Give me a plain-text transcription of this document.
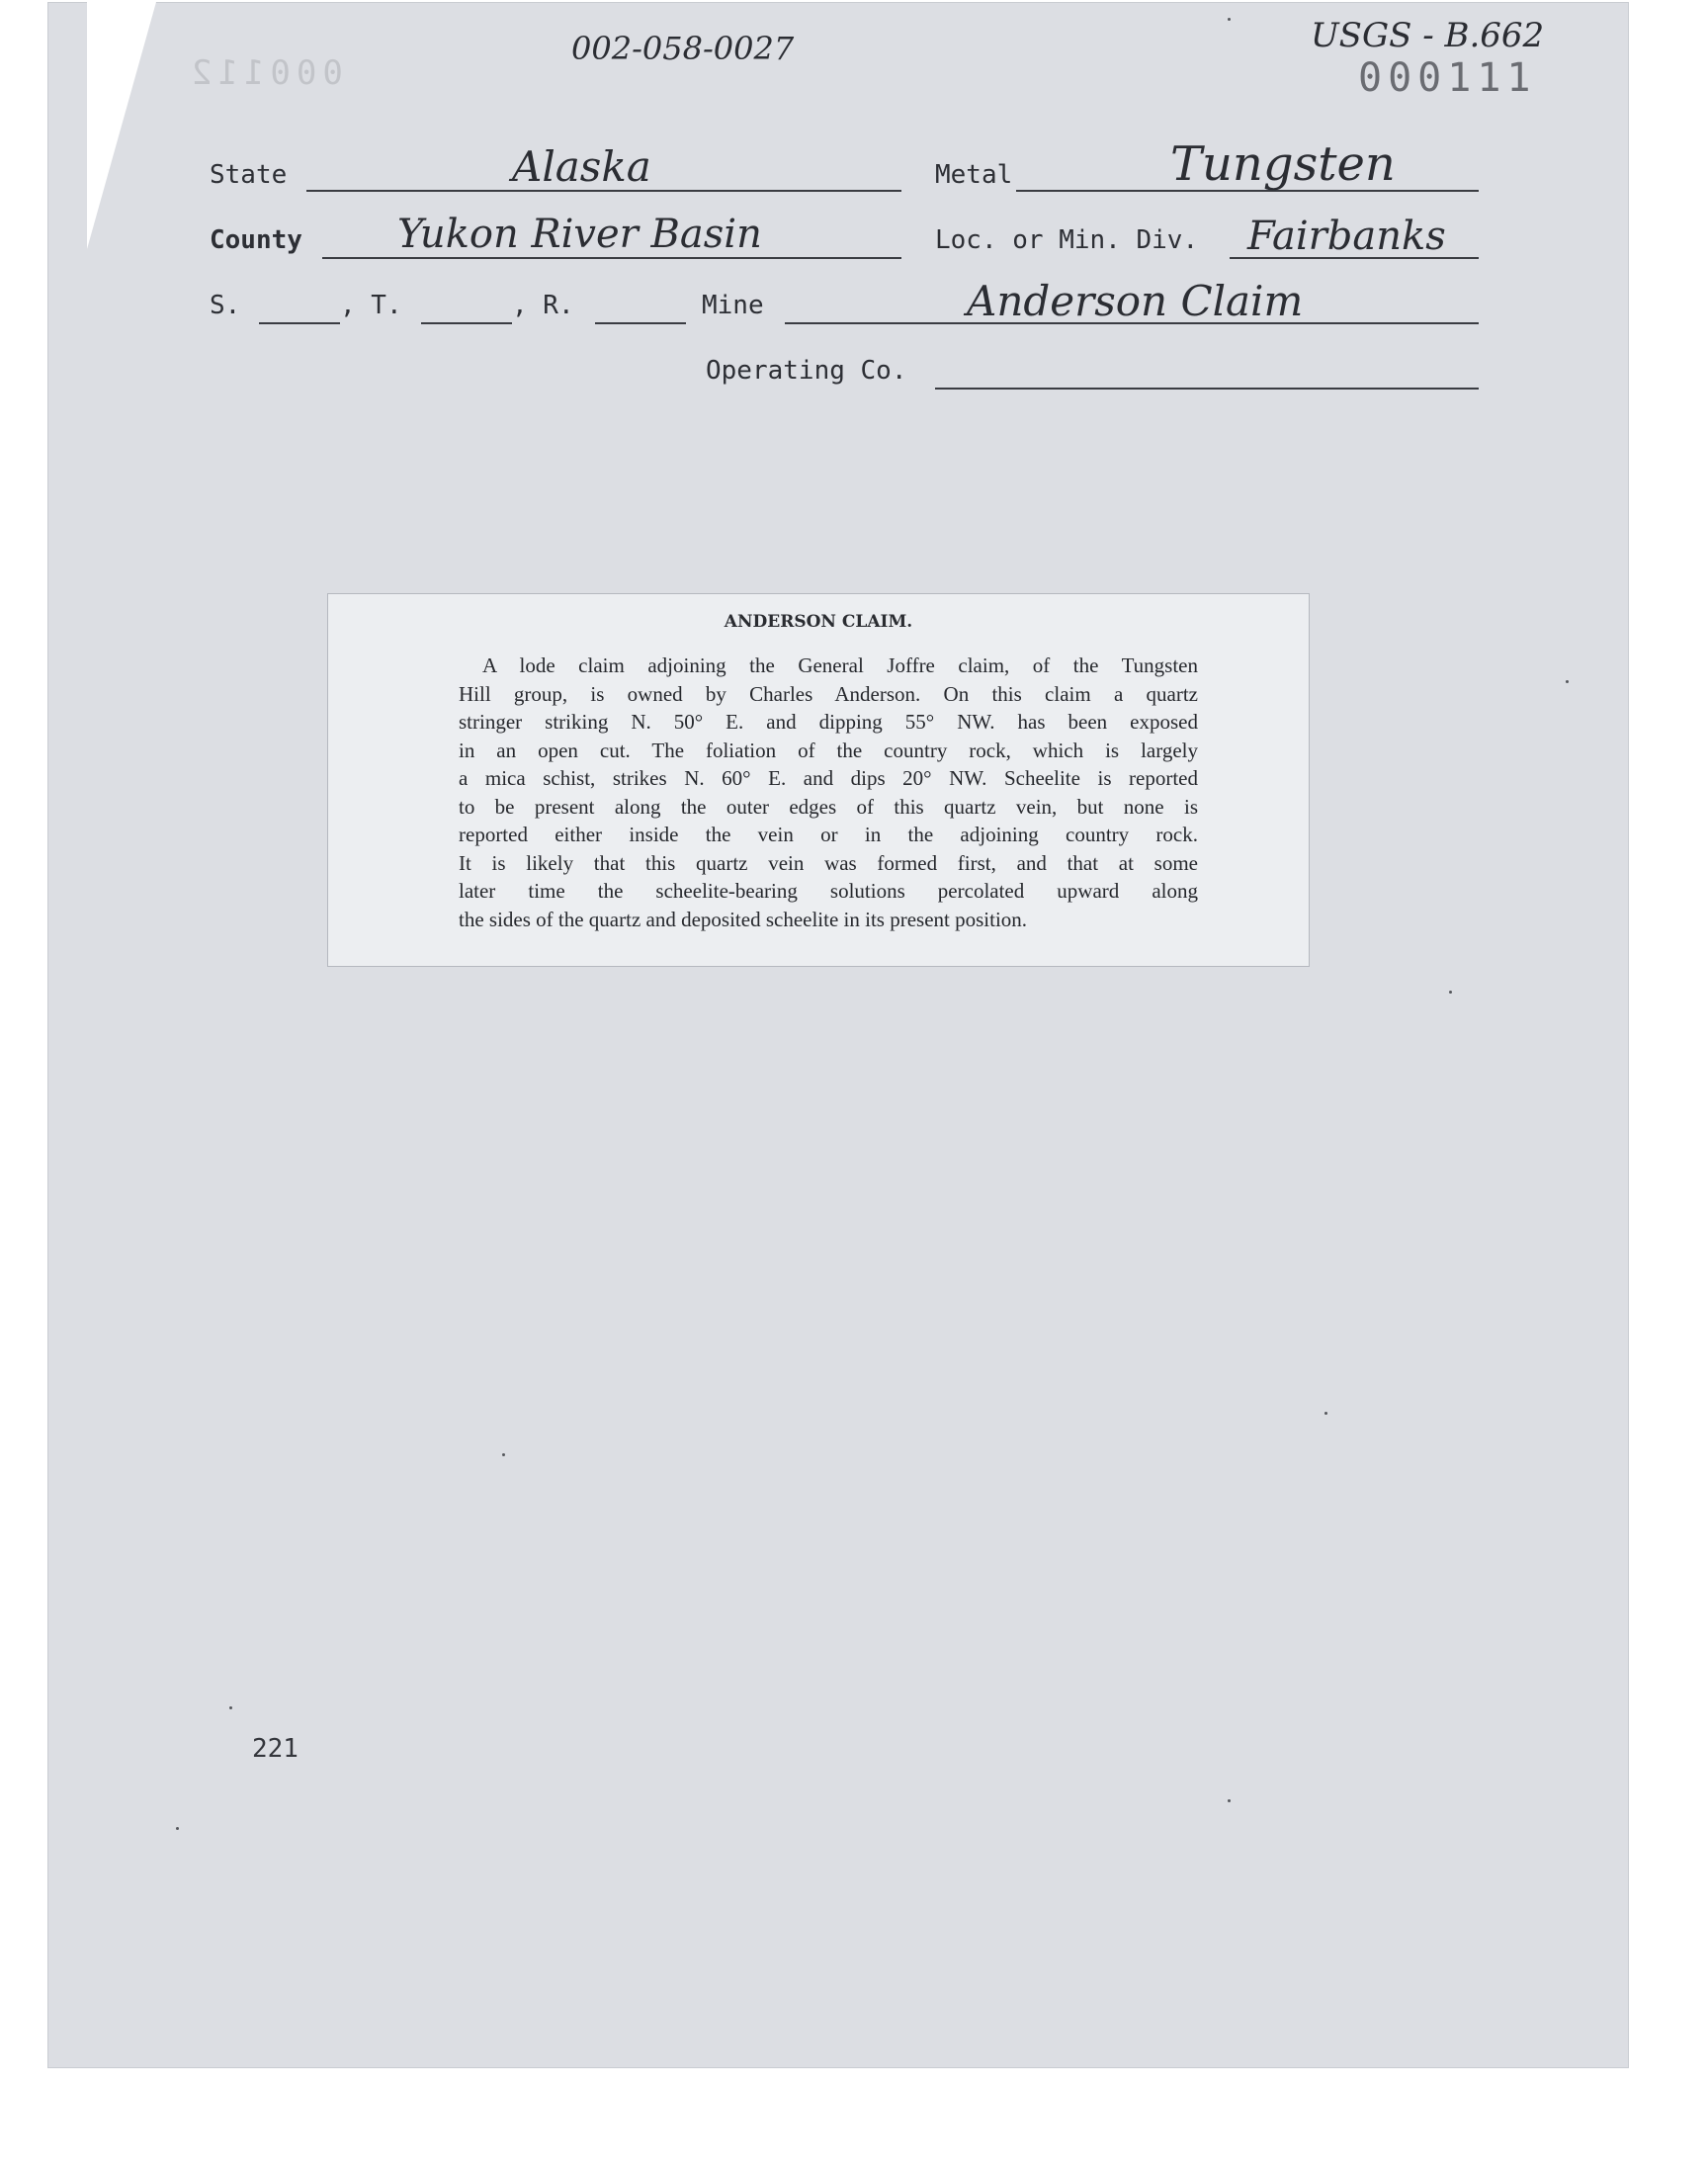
000112
002-058-0027	USGS - B.662
000111
State	Alaska	Metal	Tungsten
County Yukon River Basin	Loc. or Min. Div. Fairbanks
S.	, T.	, R.	Mine	Anderson Claim
Operating Co.
221
ANDERSON CLAIM.
A lode claim adjoining the General Joffre claim, of the Tungsten
Hill group, is owned by Charles Anderson. On this claim a quartz
stringer striking N. 50° E. and dipping 55° NW. has been exposed
in an open cut. The foliation of the country rock, which is largely
a mica schist, strikes N. 60° E. and dips 20° NW. Scheelite is reported
to be present along the outer edges of this quartz vein, but none is
reported either inside the vein or in the adjoining country rock.
It is likely that this quartz vein was formed first, and that at some
later time the scheelite-bearing solutions percolated upward along
the sides of the quartz and deposited scheelite in its present position.
